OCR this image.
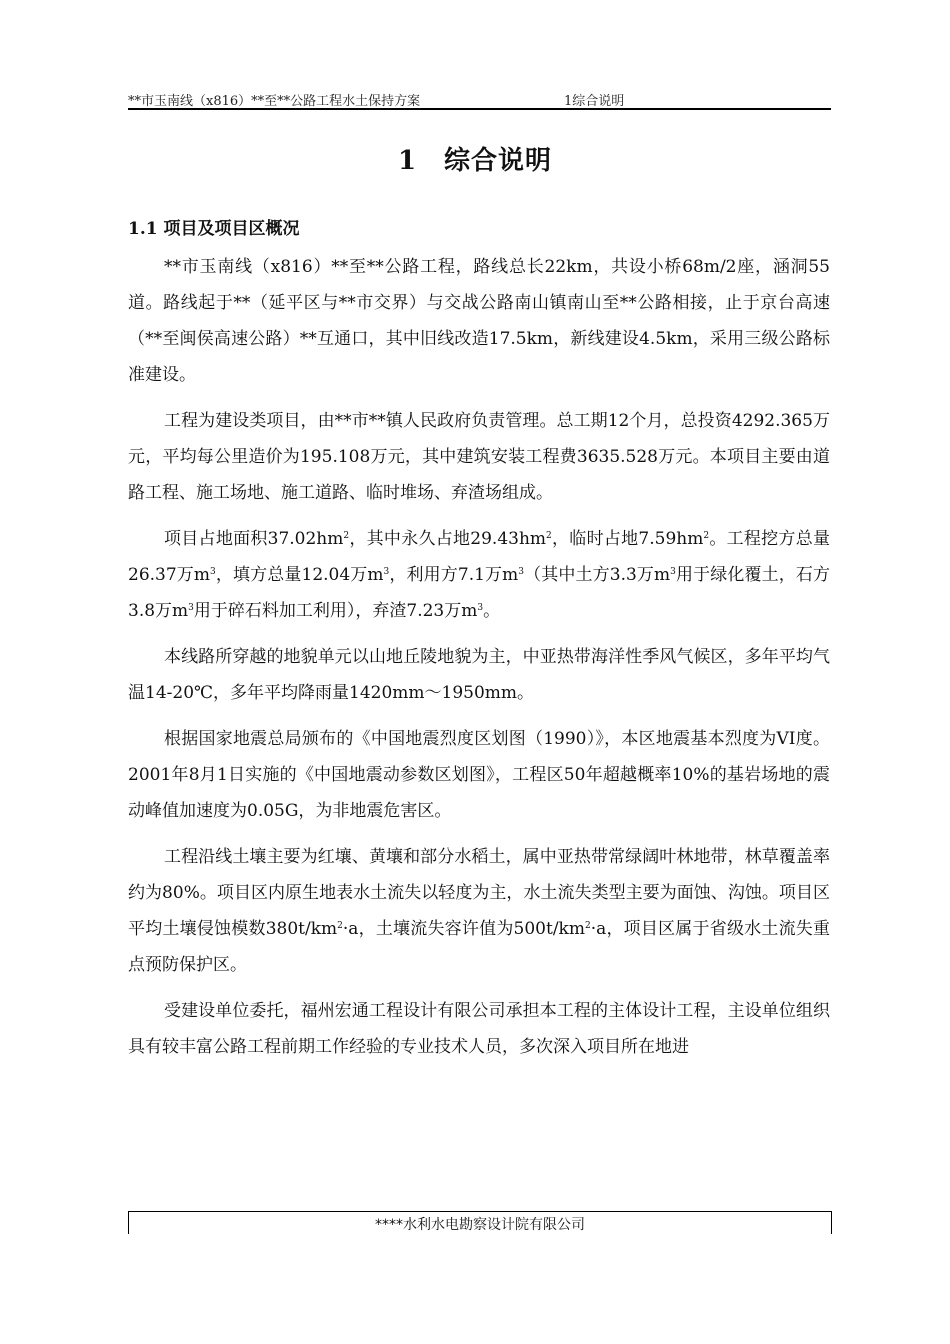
**市玉南线（x816）**至**公路工程水土保持方案	1综合说明
1　综合说明
1.1 项目及项目区概况

**市玉南线（x816）**至**公路工程，路线总长22km，共设小桥68m/2座，涵洞55道。路线起于**（延平区与**市交界）与交战公路南山镇南山至**公路相接，止于京台高速（**至闽侯高速公路）**互通口，其中旧线改造17.5km，新线建设4.5km，采用三级公路标准建设。

工程为建设类项目，由**市**镇人民政府负责管理。总工期12个月，总投资4292.365万元，平均每公里造价为195.108万元，其中建筑安装工程费3635.528万元。本项目主要由道路工程、施工场地、施工道路、临时堆场、弃渣场组成。

项目占地面积$37.02hm^2$，其中永久占地$29.43hm^2$，临时占地$7.59hm^2$。工程挖方总量26.37万$m^3$，填方总量12.04万$m^3$，利用方7.1万$m^3$（其中土方3.3万$m^3$用于绿化覆土，石方3.8万$m^3$用于碎石料加工利用），弃渣7.23万$m^3$。

本线路所穿越的地貌单元以山地丘陵地貌为主，中亚热带海洋性季风气候区，多年平均气温14-20℃，多年平均降雨量1420mm～1950mm。

根据国家地震总局颁布的《中国地震烈度区划图（1990）》，本区地震基本烈度为VI度。2001年8月1日实施的《中国地震动参数区划图》，工程区50年超越概率10%的基岩场地的震动峰值加速度为0.05G，为非地震危害区。

工程沿线土壤主要为红壤、黄壤和部分水稻土，属中亚热带常绿阔叶林地带，林草覆盖率约为80%。项目区内原生地表水土流失以轻度为主，水土流失类型主要为面蚀、沟蚀。项目区平均土壤侵蚀模数$380t/km^2\cdot a$，土壤流失容许值为$500t/km^2\cdot a$，项目区属于省级水土流失重点预防保护区。

受建设单位委托，福州宏通工程设计有限公司承担本工程的主体设计工程，主设单位组织具有较丰富公路工程前期工作经验的专业技术人员，多次深入项目所在地进

****水利水电勘察设计院有限公司
